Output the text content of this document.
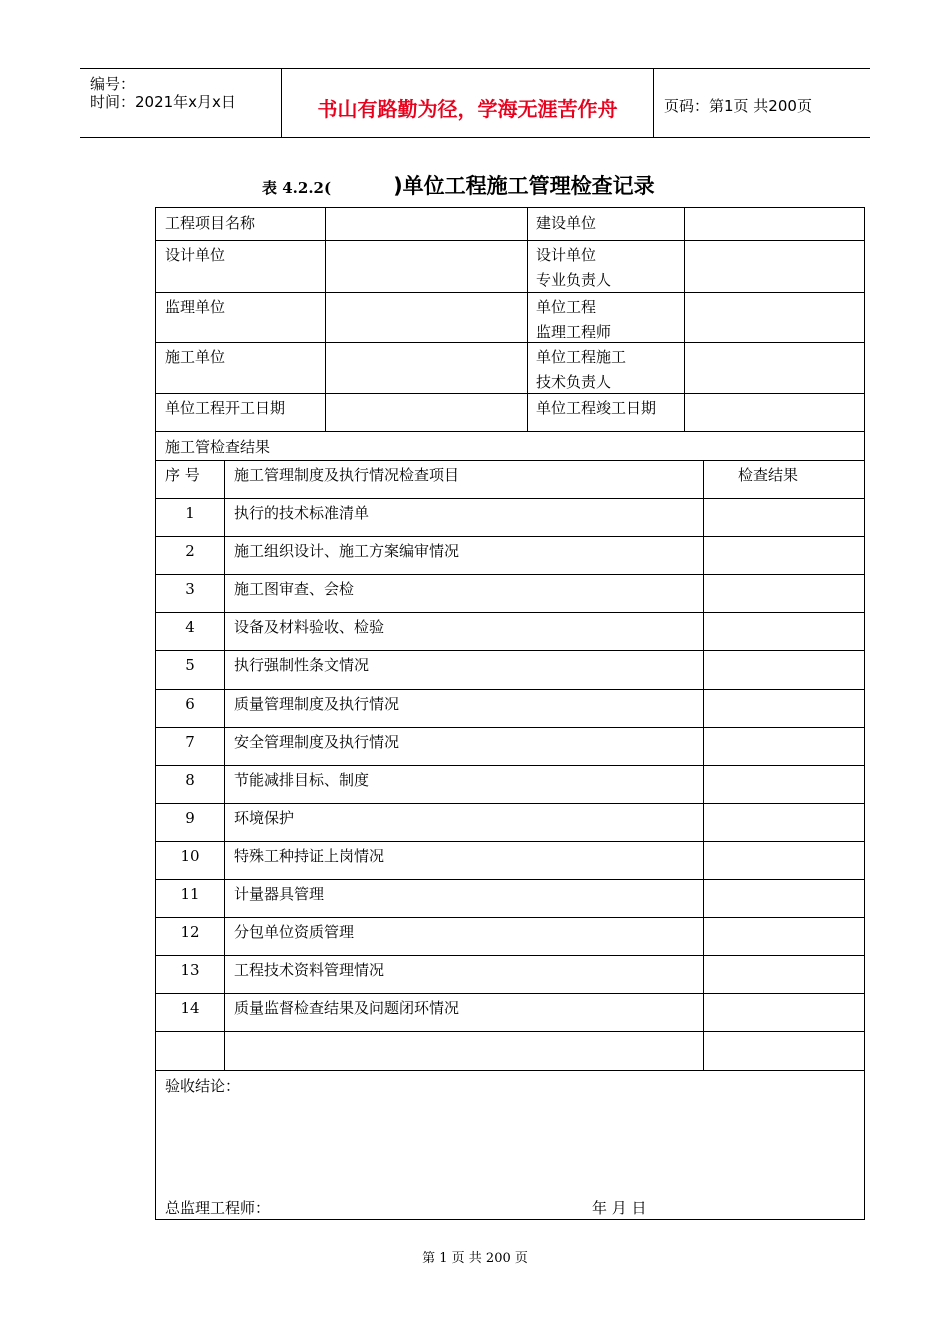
编号：
时间：2021年x月x日	书山有路勤为径，学海无涯苦作舟	页码：第1页 共200页
表 4.2.2(	)单位工程施工管理检查记录
工程项目名称	建设单位
设计单位	设计单位
专业负责人
监理单位	单位工程
监理工程师
施工单位	单位工程施工
技术负责人
单位工程开工日期	单位工程竣工日期
施工管检查结果
序 号 施工管理制度及执行情况检查项目	检查结果
1	执行的技术标准清单
2	施工组织设计、施工方案编审情况
3	施工图审查、会检
4	设备及材料验收、检验
5	执行强制性条文情况
6	质量管理制度及执行情况
7	安全管理制度及执行情况
8	节能减排目标、制度
9	环境保护
10	特殊工种持证上岗情况
11	计量器具管理
12	分包单位资质管理
13	工程技术资料管理情况
14	质量监督检查结果及问题闭环情况
验收结论：
总监理工程师：	年 月 日
第 1 页 共 200 页
